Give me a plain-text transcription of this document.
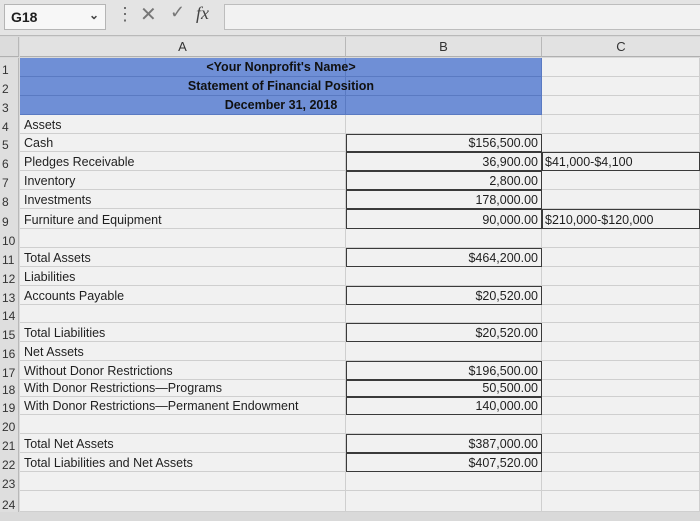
G18	⌄ ⋮ ✕ ✓ fx
A	B	C
1	<Your Nonprofit's Name>
2	Statement of Financial Position
3	December 31, 2018
4	Assets
5	Cash	$156,500.00
6	Pledges Receivable	36,900.00 $41,000-$4,100
7	Inventory	2,800.00
8	Investments	178,000.00
9	Furniture and Equipment	90,000.00 $210,000-$120,000
10
11 Total Assets	$464,200.00
12 Liabilities
13 Accounts Payable	$20,520.00
14
15 Total Liabilities	$20,520.00
16 Net Assets
17 Without Donor Restrictions	$196,500.00
18 With Donor Restrictions—Programs	50,500.00
19 With Donor Restrictions—Permanent Endowment	140,000.00
20
21 Total Net Assets	$387,000.00
22 Total Liabilities and Net Assets	$407,520.00
23
24
